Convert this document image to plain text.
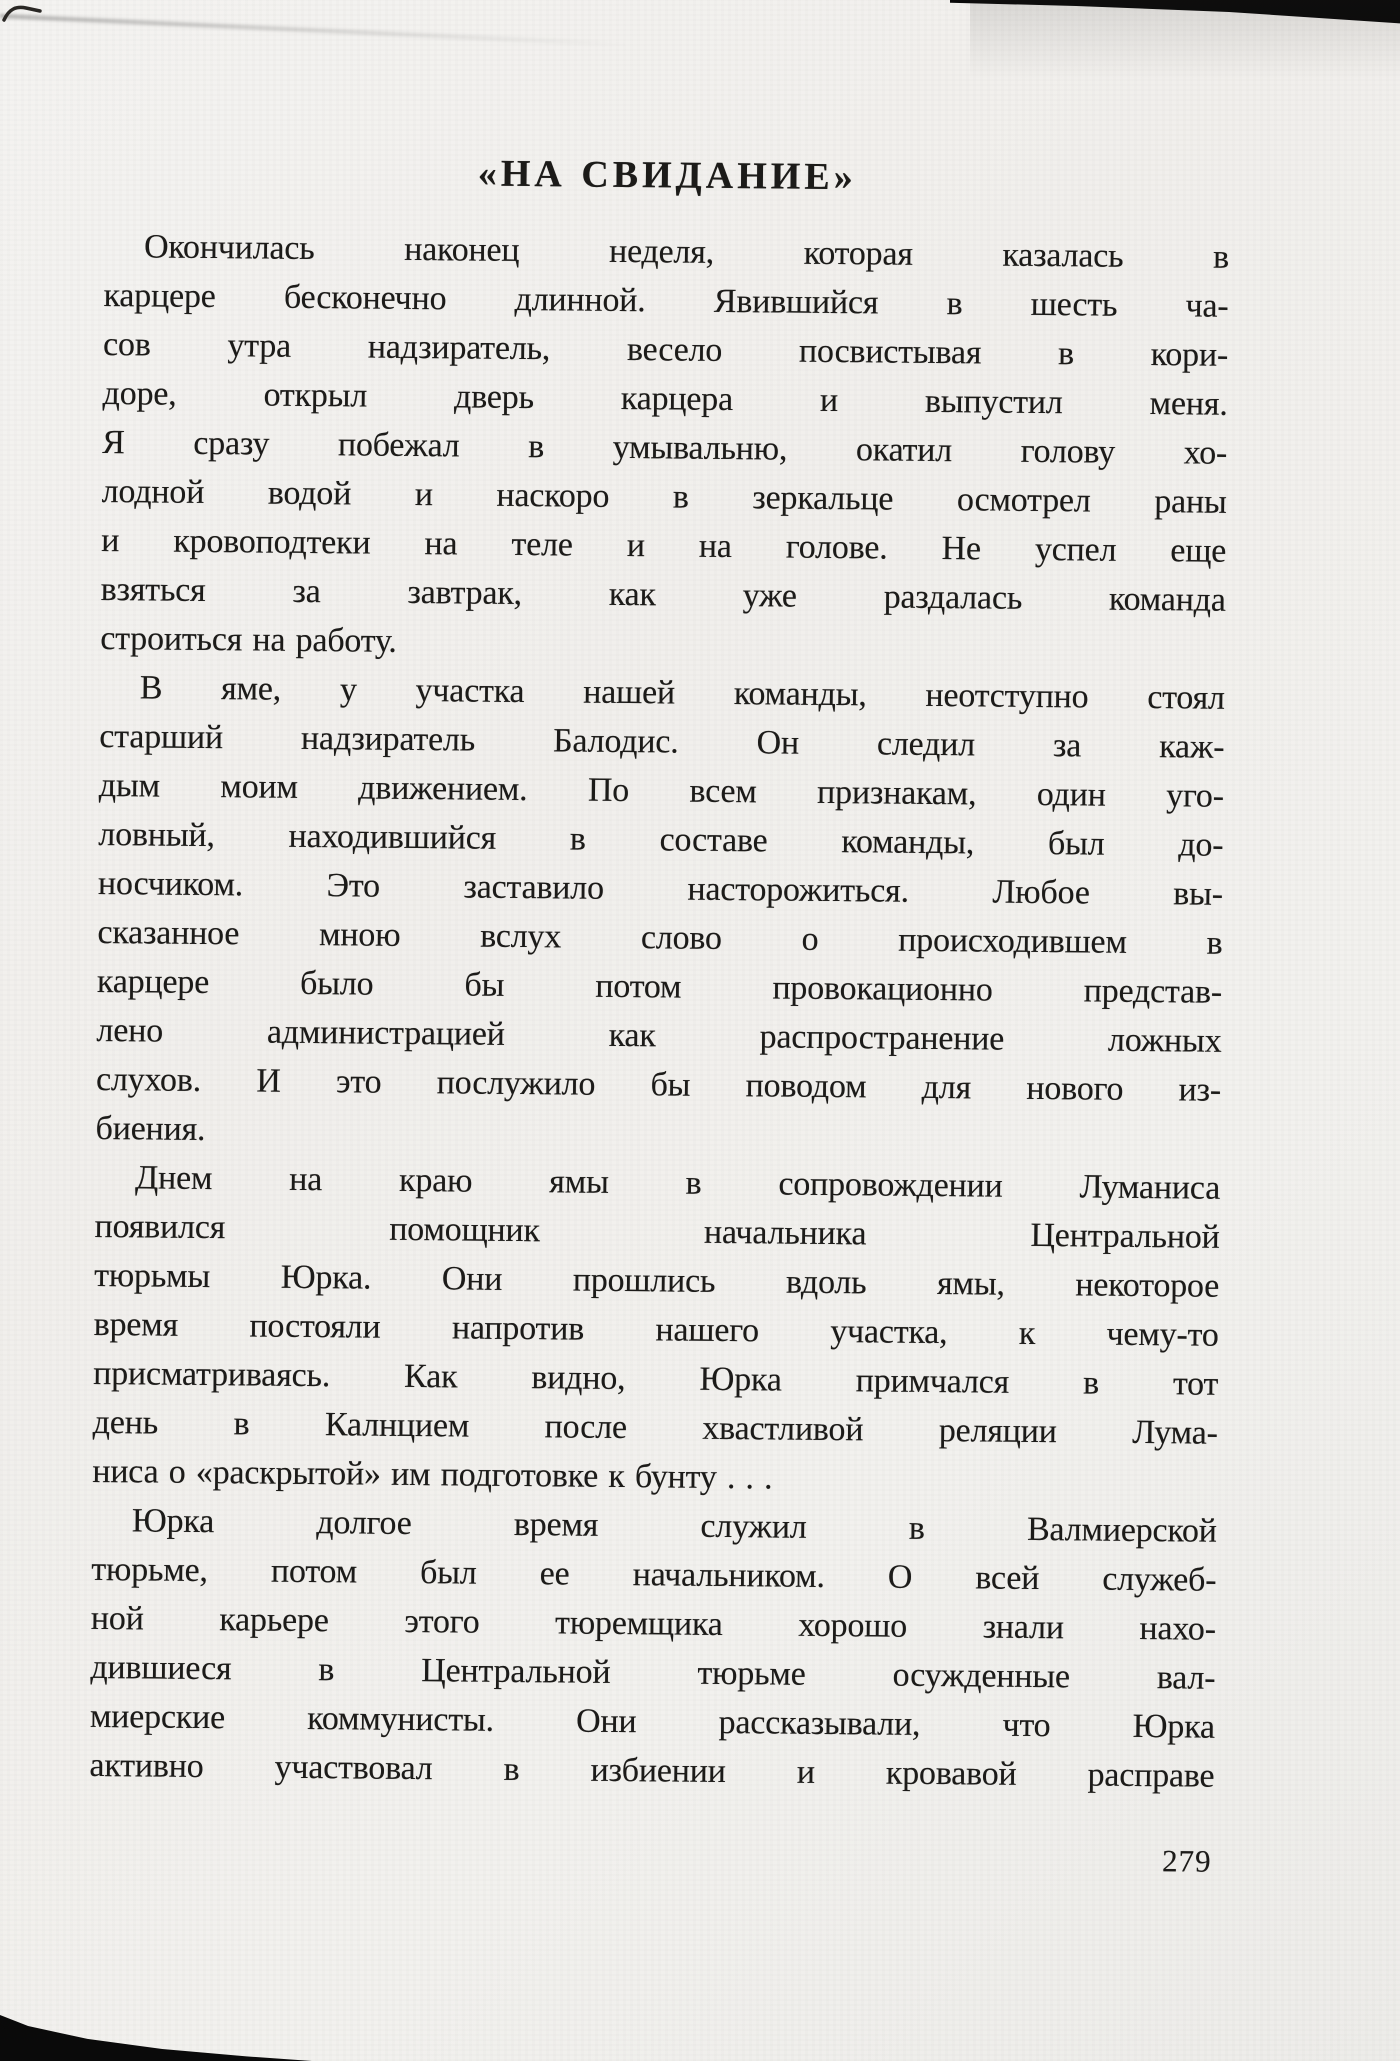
«НА СВИДАНИЕ»
Окончилась наконец неделя, которая казалась в
карцере бесконечно длинной. Явившийся в шесть ча-
сов утра надзиратель, весело посвистывая в кори-
доре, открыл дверь карцера и выпустил меня.
Я сразу побежал в умывальню, окатил голову хо-
лодной водой и наскоро в зеркальце осмотрел раны
и кровоподтеки на теле и на голове. Не успел еще
взяться за завтрак, как уже раздалась команда
строиться на работу.
В яме, у участка нашей команды, неотступно стоял
старший надзиратель Балодис. Он следил за каж-
дым моим движением. По всем признакам, один уго-
ловный, находившийся в составе команды, был до-
носчиком. Это заставило насторожиться. Любое вы-
сказанное мною вслух слово о происходившем в
карцере было бы потом провокационно представ-
лено администрацией как распространение ложных
слухов. И это послужило бы поводом для нового из-
биения.
Днем на краю ямы в сопровождении Луманиса
появился помощник начальника Центральной
тюрьмы Юрка. Они прошлись вдоль ямы, некоторое
время постояли напротив нашего участка, к чему-то
присматриваясь. Как видно, Юрка примчался в тот
день в Калнцием после хвастливой реляции Лума-
ниса о «раскрытой» им подготовке к бунту . . .
Юрка долгое время служил в Валмиерской
тюрьме, потом был ее начальником. О всей служеб-
ной карьере этого тюремщика хорошо знали нахо-
дившиеся в Центральной тюрьме осужденные вал-
миерские коммунисты. Они рассказывали, что Юрка
активно участвовал в избиении и кровавой расправе
279
